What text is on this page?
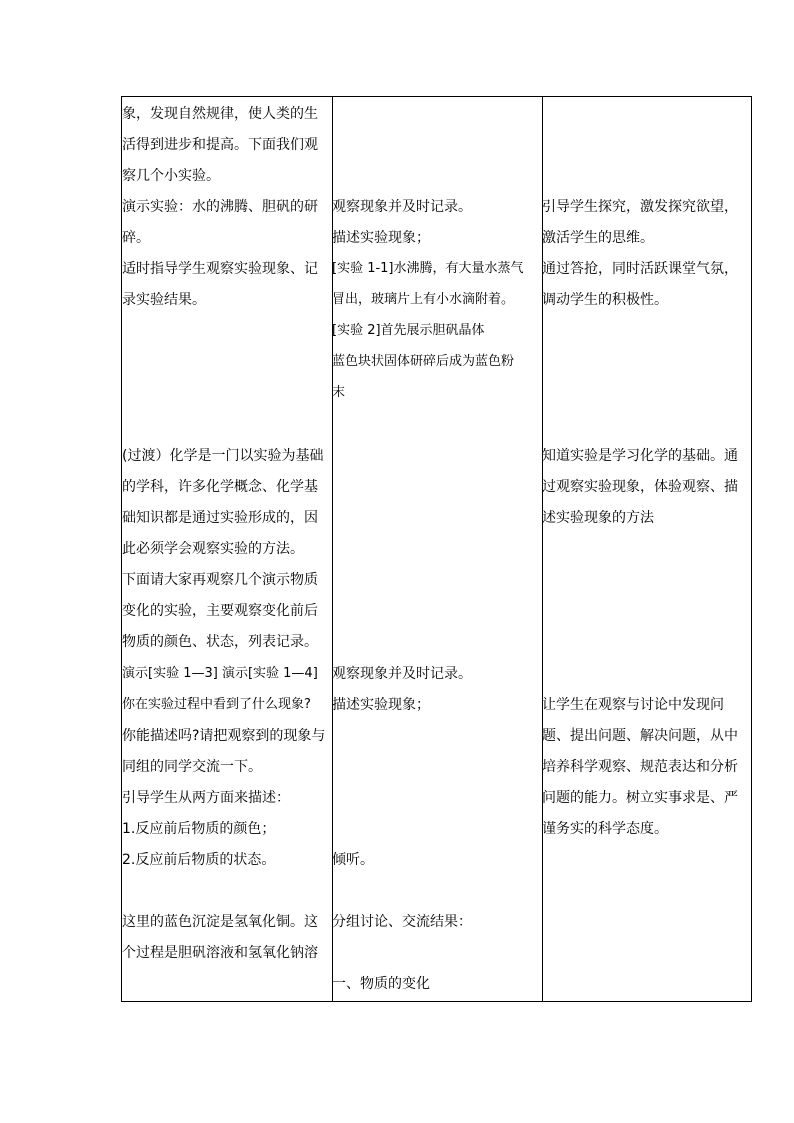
象，发现自然规律，使人类的生
活得到进步和提高。下面我们观
察几个小实验。
演示实验：水的沸腾、胆矾的研
碎。
适时指导学生观察实验现象、记
录实验结果。
(过渡）化学是一门以实验为基础
的学科，许多化学概念、化学基
础知识都是通过实验形成的，因
此必须学会观察实验的方法。
下面请大家再观察几个演示物质
变化的实验，主要观察变化前后
物质的颜色、状态，列表记录。
演示[实验 1—3] 演示[实验 1—4]
你在实验过程中看到了什么现象?
你能描述吗?请把观察到的现象与
同组的同学交流一下。
引导学生从两方面来描述：
1.反应前后物质的颜色；
2.反应前后物质的状态。
这里的蓝色沉淀是氢氧化铜。这
个过程是胆矾溶液和氢氧化钠溶
观察现象并及时记录。
描述实验现象；
[实验 1-1]水沸腾，有大量水蒸气
冒出，玻璃片上有小水滴附着。
[实验 2]首先展示胆矾晶体
蓝色块状固体研碎后成为蓝色粉
末
观察现象并及时记录。
描述实验现象；
倾听。
分组讨论、交流结果：
一、物质的变化
引导学生探究，激发探究欲望，
激活学生的思维。
通过答抢，同时活跃课堂气氛，
调动学生的积极性。
知道实验是学习化学的基础。通
过观察实验现象，体验观察、描
述实验现象的方法
让学生在观察与讨论中发现问
题、提出问题、解决问题，从中
培养科学观察、规范表达和分析
问题的能力。树立实事求是、严
谨务实的科学态度。
